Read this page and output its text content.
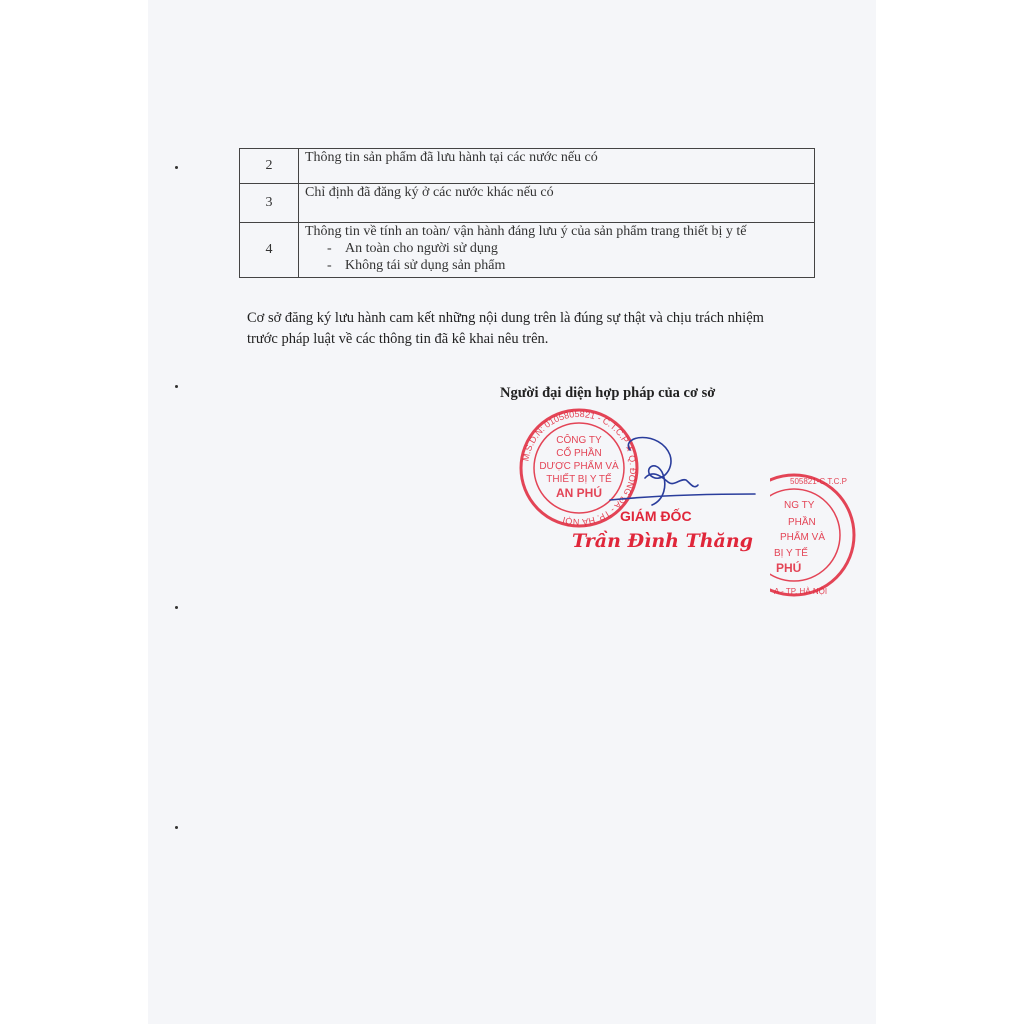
2	Thông tin sản phẩm đã lưu hành tại các nước nếu có
3	Chỉ định đã đăng ký ở các nước khác nếu có
4	Thông tin về tính an toàn/ vận hành đáng lưu ý của sản phẩm trang thiết bị y tế
- An toàn cho người sử dụng
- Không tái sử dụng sản phẩm
Cơ sở đăng ký lưu hành cam kết những nội dung trên là đúng sự thật và chịu trách nhiệm trước pháp luật về các thông tin đã kê khai nêu trên.
Người đại diện hợp pháp của cơ sở
M.S.D.N: 0105805821 - C.T.C.P ★ Q. ĐỐNG ĐA - TP. HÀ NỘI
CÔNG TY
CỔ PHẦN
DƯỢC PHẨM VÀ
THIẾT BỊ Y TẾ
AN PHÚ
NG TY
PHẦN
PHẨM VÀ
BỊ Y TẾ
PHÚ
505821-C.T.C.P
A - TP. HÀ NỘI
GIÁM ĐỐC
Trần Đình Thăng
